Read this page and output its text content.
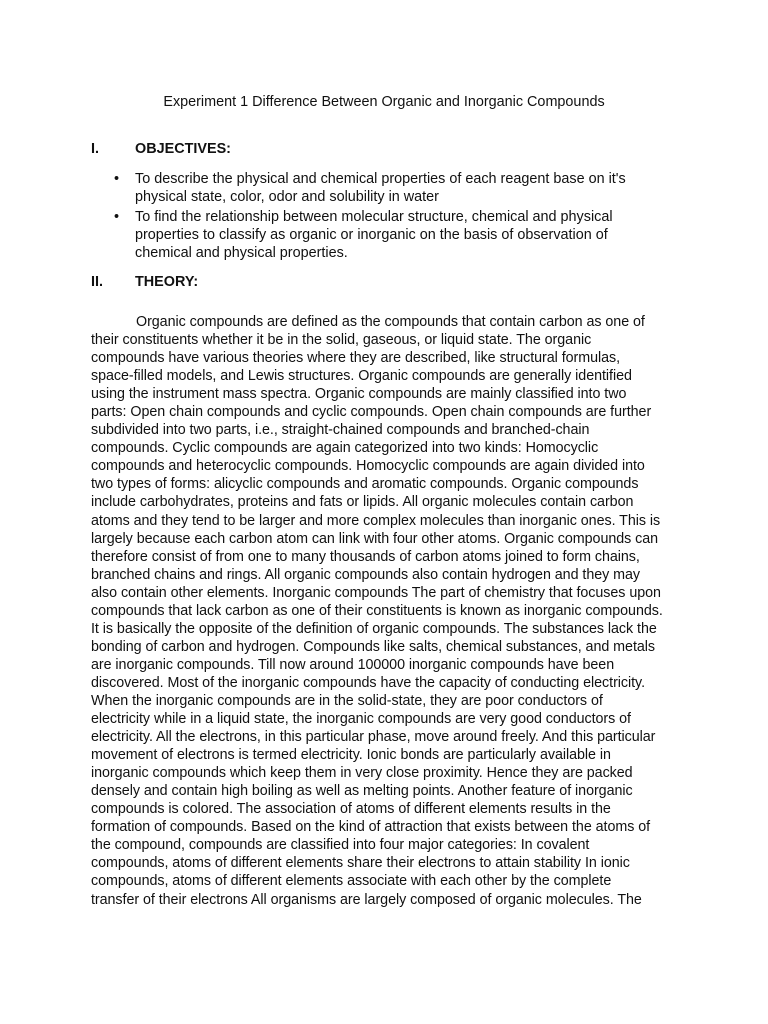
Experiment 1 Difference Between Organic and Inorganic Compounds
I.	OBJECTIVES:
• To describe the physical and chemical properties of each reagent base on it's physical state, color, odor and solubility in water
• To find the relationship between molecular structure, chemical and physical properties to classify as organic or inorganic on the basis of observation of chemical and physical properties.
II. THEORY:

Organic compounds are defined as the compounds that contain carbon as one of their constituents whether it be in the solid, gaseous, or liquid state. The organic compounds have various theories where they are described, like structural formulas, space-filled models, and Lewis structures. Organic compounds are generally identified using the instrument mass spectra. Organic compounds are mainly classified into two parts: Open chain compounds and cyclic compounds. Open chain compounds are further subdivided into two parts, i.e., straight-chained compounds and branched-chain compounds. Cyclic compounds are again categorized into two kinds: Homocyclic compounds and heterocyclic compounds. Homocyclic compounds are again divided into two types of forms: alicyclic compounds and aromatic compounds. Organic compounds include carbohydrates, proteins and fats or lipids. All organic molecules contain carbon atoms and they tend to be larger and more complex molecules than inorganic ones. This is largely because each carbon atom can link with four other atoms. Organic compounds can therefore consist of from one to many thousands of carbon atoms joined to form chains, branched chains and rings. All organic compounds also contain hydrogen and they may also contain other elements. Inorganic compounds The part of chemistry that focuses upon compounds that lack carbon as one of their constituents is known as inorganic compounds. It is basically the opposite of the definition of organic compounds. The substances lack the bonding of carbon and hydrogen. Compounds like salts, chemical substances, and metals are inorganic compounds. Till now around 100000 inorganic compounds have been discovered. Most of the inorganic compounds have the capacity of conducting electricity. When the inorganic compounds are in the solid-state, they are poor conductors of electricity while in a liquid state, the inorganic compounds are very good conductors of electricity. All the electrons, in this particular phase, move around freely. And this particular movement of electrons is termed electricity. Ionic bonds are particularly available in inorganic compounds which keep them in very close proximity. Hence they are packed densely and contain high boiling as well as melting points. Another feature of inorganic compounds is colored. The association of atoms of different elements results in the formation of compounds. Based on the kind of attraction that exists between the atoms of the compound, compounds are classified into four major categories: In covalent compounds, atoms of different elements share their electrons to attain stability In ionic compounds, atoms of different elements associate with each other by the complete transfer of their electrons All organisms are largely composed of organic molecules. The
